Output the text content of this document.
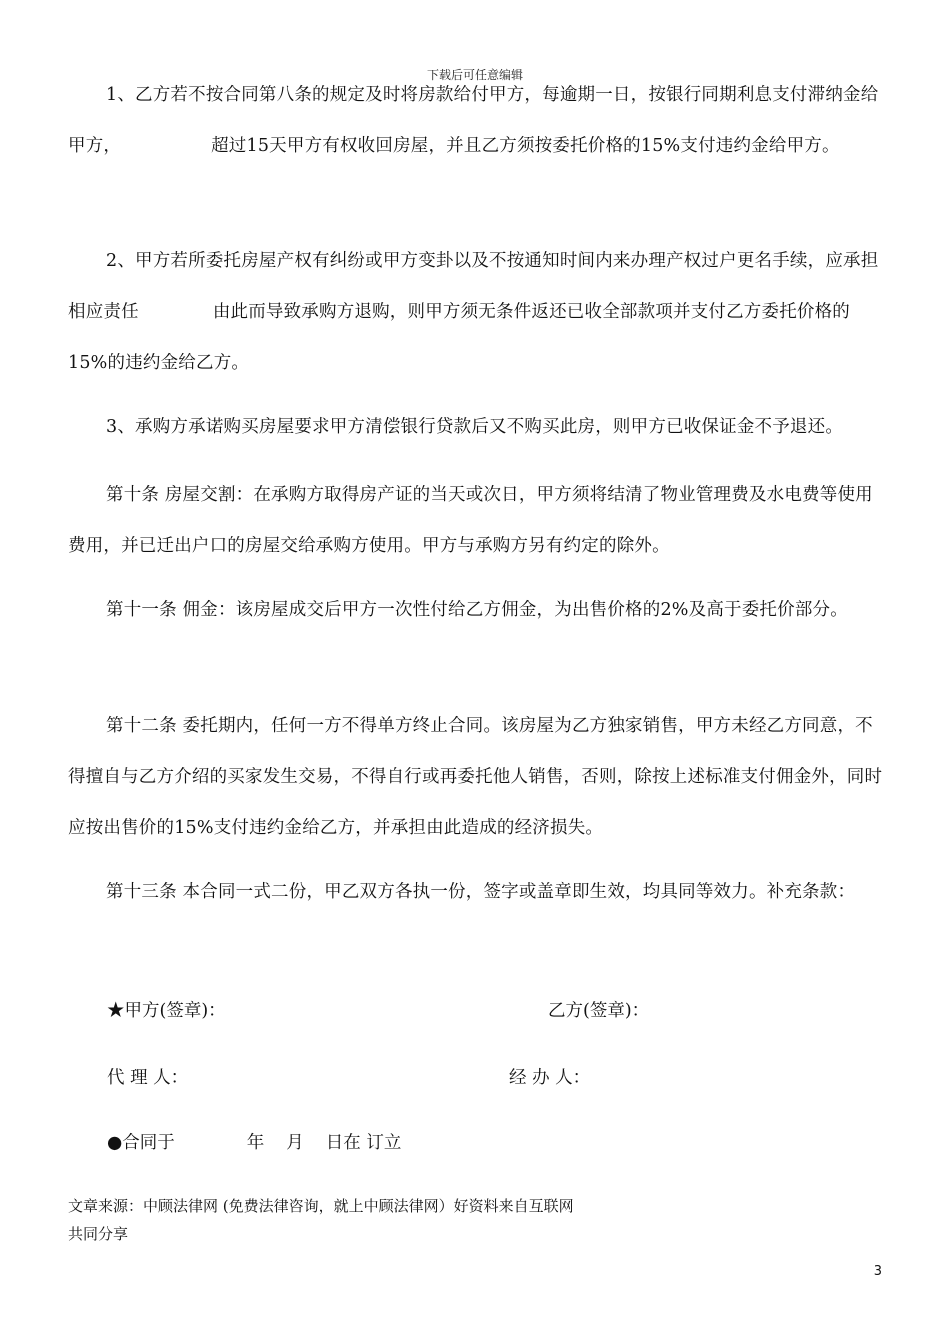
下载后可任意编辑
1、乙方若不按合同第八条的规定及时将房款给付甲方，每逾期一日，按银行同期利息支付滞纳金给甲方，	超过15天甲方有权收回房屋，并且乙方须按委托价格的15%支付违约金给甲方。
2、甲方若所委托房屋产权有纠纷或甲方变卦以及不按通知时间内来办理产权过户更名手续，应承担相应责任	由此而导致承购方退购，则甲方须无条件返还已收全部款项并支付乙方委托价格的15%的违约金给乙方。
3、承购方承诺购买房屋要求甲方清偿银行贷款后又不购买此房，则甲方已收保证金不予退还。
第十条 房屋交割：在承购方取得房产证的当天或次日，甲方须将结清了物业管理费及水电费等使用费用，并已迁出户口的房屋交给承购方使用。甲方与承购方另有约定的除外。
第十一条 佣金：该房屋成交后甲方一次性付给乙方佣金，为出售价格的2%及高于委托价部分。
第十二条 委托期内，任何一方不得单方终止合同。该房屋为乙方独家销售，甲方未经乙方同意，不得擅自与乙方介绍的买家发生交易，不得自行或再委托他人销售，否则，除按上述标准支付佣金外，同时应按出售价的15%支付违约金给乙方，并承担由此造成的经济损失。
第十三条 本合同一式二份，甲乙双方各执一份，签字或盖章即生效，均具同等效力。补充条款：
★甲方(签章)：	乙方(签章)：
代 理 人：	经 办 人：
●合同于	年 月 日在 订立
文章来源：中顾法律网 (免费法律咨询，就上中顾法律网）好资料来自互联网
共同分享
3
